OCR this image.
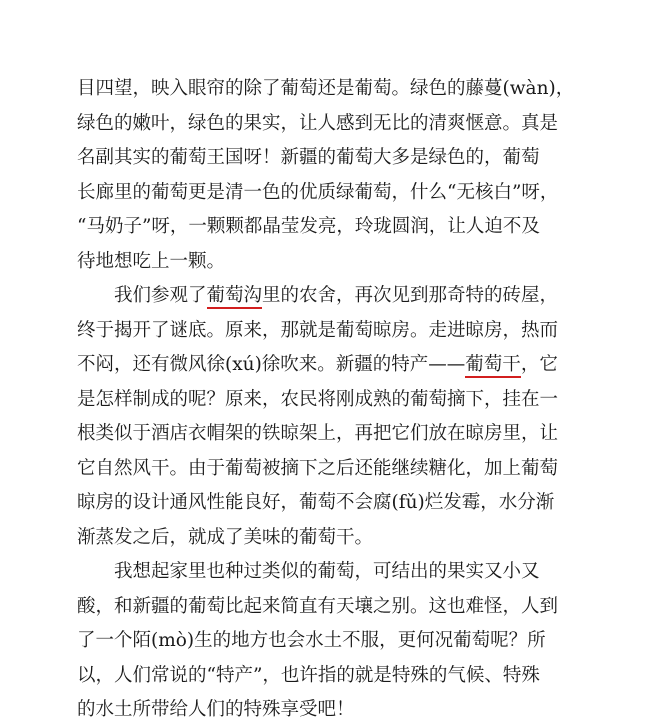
目四望，映入眼帘的除了葡萄还是葡萄。绿色的藤蔓(wàn)，
绿色的嫩叶，绿色的果实，让人感到无比的清爽惬意。真是
名副其实的葡萄王国呀！新疆的葡萄大多是绿色的，葡萄
长廊里的葡萄更是清一色的优质绿葡萄，什么“无核白”呀，
“马奶子”呀，一颗颗都晶莹发亮，玲珑圆润，让人迫不及
待地想吃上一颗。
我们参观了葡萄沟里的农舍，再次见到那奇特的砖屋，
终于揭开了谜底。原来，那就是葡萄晾房。走进晾房，热而
不闷，还有微风徐(xú)徐吹来。新疆的特产——葡萄干，它
是怎样制成的呢？原来，农民将刚成熟的葡萄摘下，挂在一
根类似于酒店衣帽架的铁晾架上，再把它们放在晾房里，让
它自然风干。由于葡萄被摘下之后还能继续糖化，加上葡萄
晾房的设计通风性能良好，葡萄不会腐(fǔ)烂发霉，水分渐
渐蒸发之后，就成了美味的葡萄干。
我想起家里也种过类似的葡萄，可结出的果实又小又
酸，和新疆的葡萄比起来简直有天壤之别。这也难怪，人到
了一个陌(mò)生的地方也会水土不服，更何况葡萄呢？所
以，人们常说的“特产”，也许指的就是特殊的气候、特殊
的水土所带给人们的特殊享受吧！
